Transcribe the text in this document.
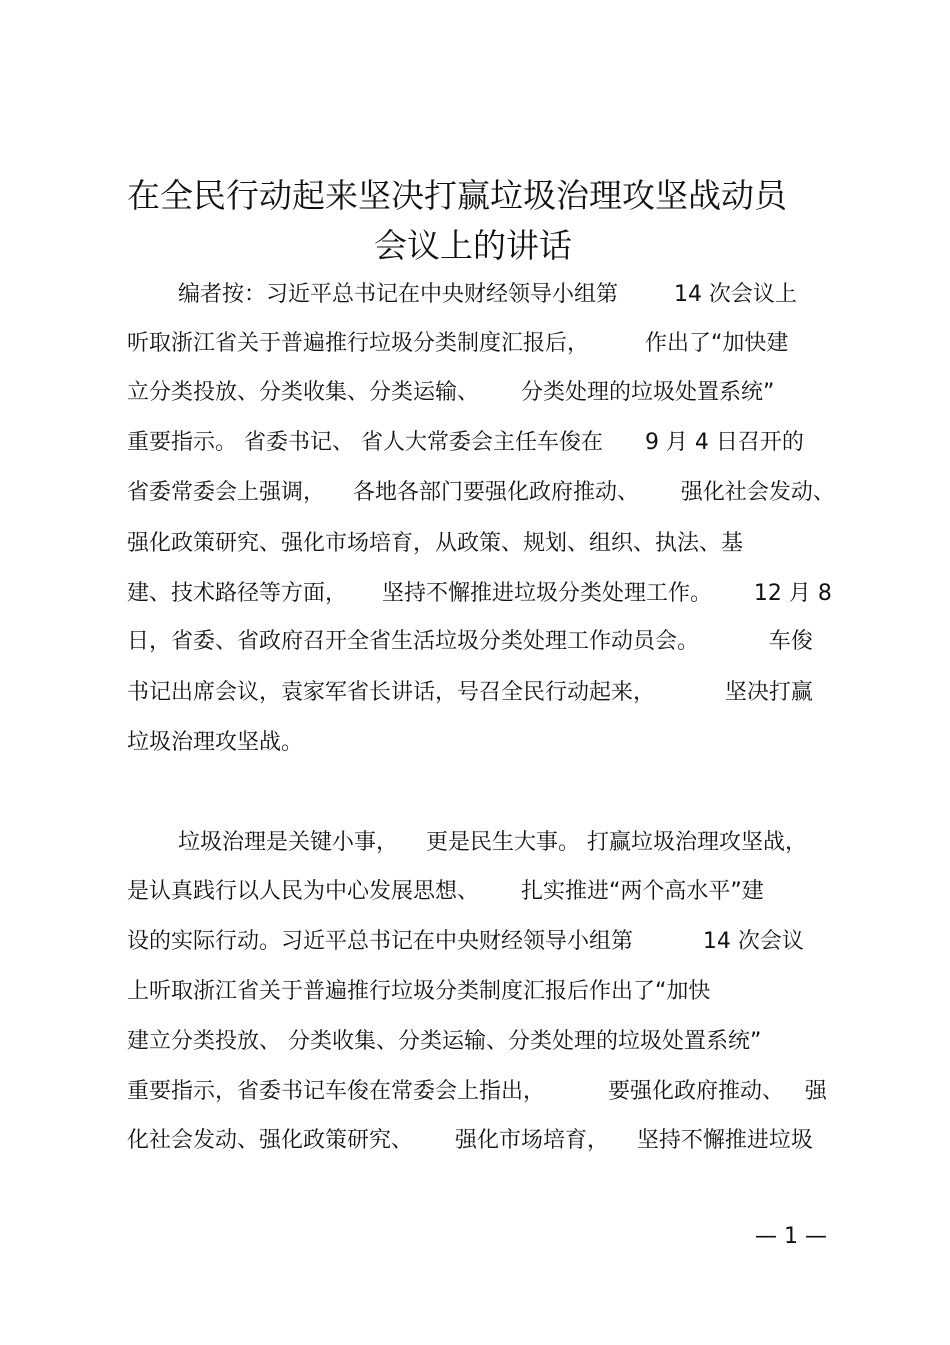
在全民行动起来坚决打赢垃圾治理攻坚战动员
会议上的讲话
编者按：习近平总书记在中央财经领导小组第        14 次会议上
听取浙江省关于普遍推行垃圾分类制度汇报后，        作出了“加快建
立分类投放、分类收集、分类运输、      分类处理的垃圾处置系统”
重要指示。 省委书记、 省人大常委会主任车俊在      9 月 4 日召开的
省委常委会上强调，    各地各部门要强化政府推动、      强化社会发动、
强化政策研究、强化市场培育，从政策、规划、组织、执法、基
建、技术路径等方面，     坚持不懈推进垃圾分类处理工作。      12 月 8
日，省委、省政府召开全省生活垃圾分类处理工作动员会。          车俊
书记出席会议，袁家军省长讲话，号召全民行动起来，          坚决打赢
垃圾治理攻坚战。
垃圾治理是关键小事，    更是民生大事。 打赢垃圾治理攻坚战，
是认真践行以人民为中心发展思想、      扎实推进“两个高水平”建
设的实际行动。习近平总书记在中央财经领导小组第          14 次会议
上听取浙江省关于普遍推行垃圾分类制度汇报后作出了“加快
建立分类投放、 分类收集、分类运输、分类处理的垃圾处置系统”
重要指示，省委书记车俊在常委会上指出，         要强化政府推动、   强
化社会发动、强化政策研究、      强化市场培育，    坚持不懈推进垃圾
— 1 —
